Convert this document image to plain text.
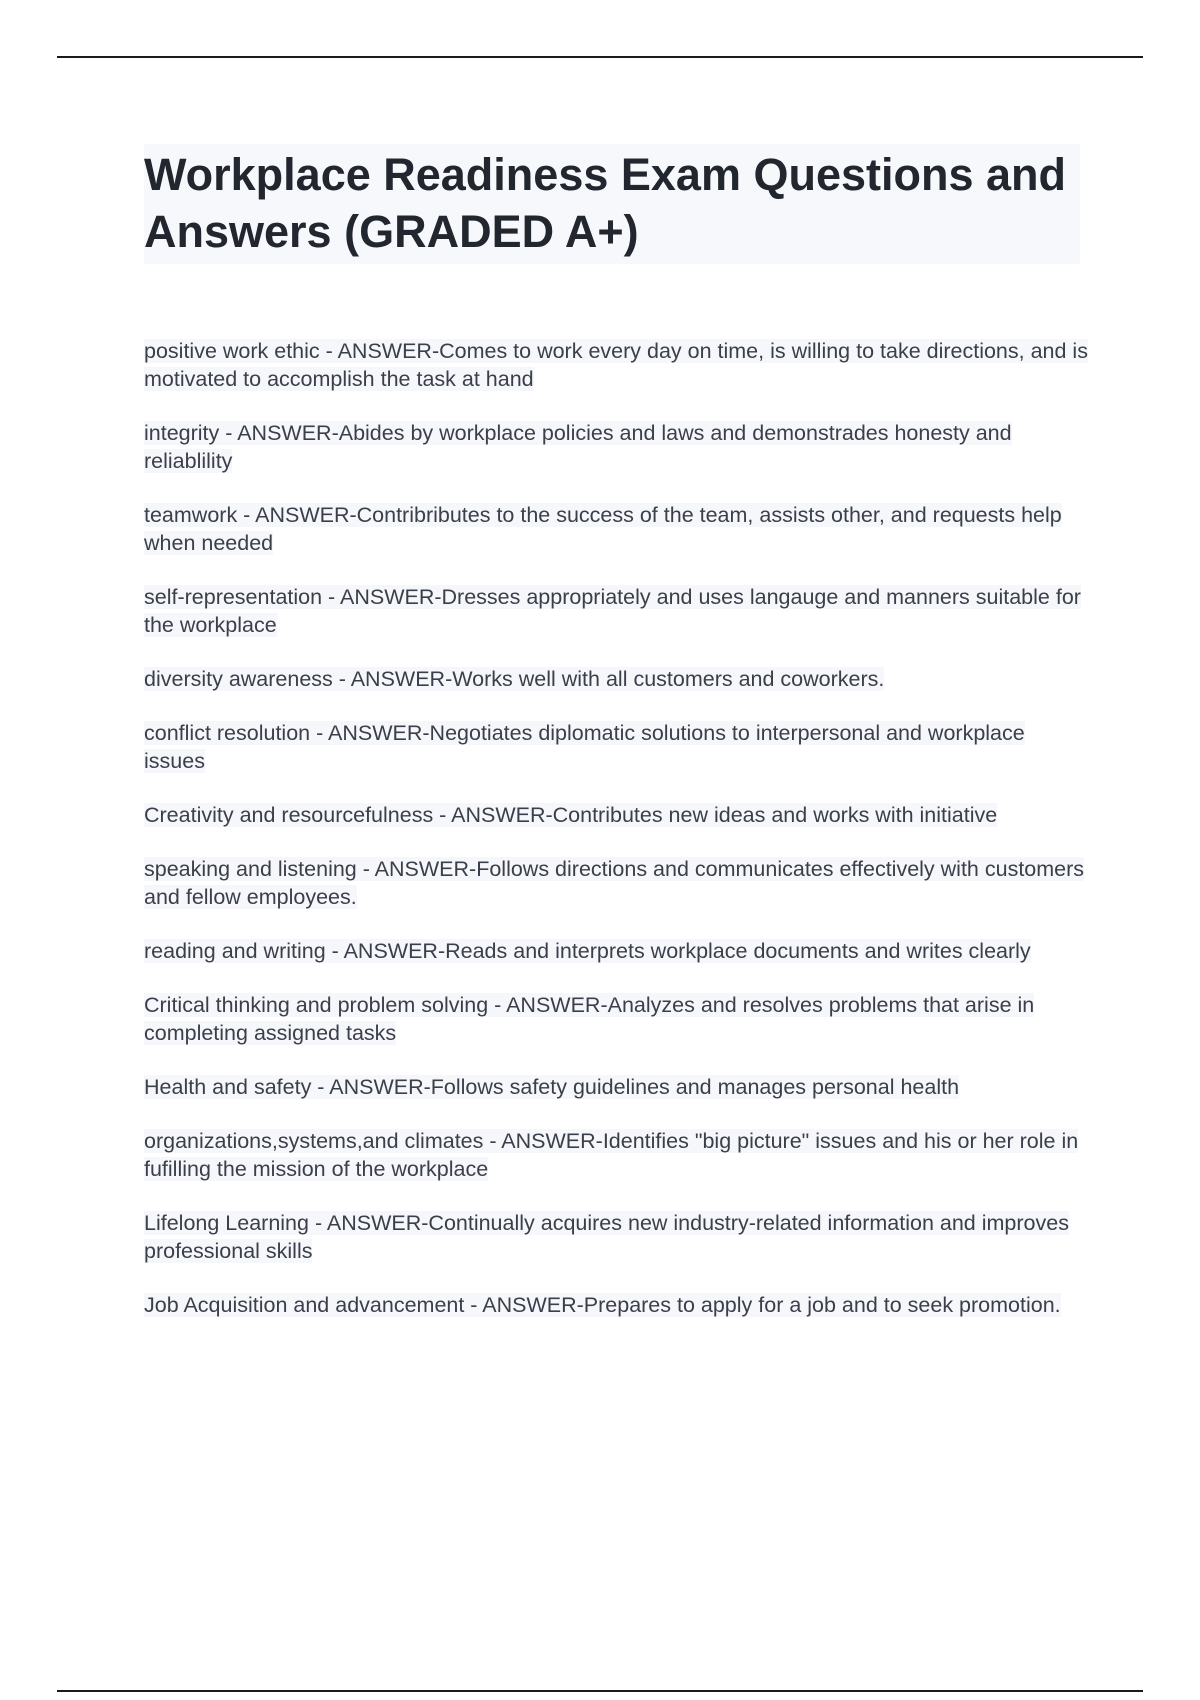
Workplace Readiness Exam Questions and Answers (GRADED A+)

positive work ethic - ANSWER-Comes to work every day on time, is willing to take directions, and is motivated to accomplish the task at hand

integrity - ANSWER-Abides by workplace policies and laws and demonstrades honesty and reliablility

teamwork - ANSWER-Contribributes to the success of the team, assists other, and requests help when needed

self-representation - ANSWER-Dresses appropriately and uses langauge and manners suitable for the workplace

diversity awareness - ANSWER-Works well with all customers and coworkers.

conflict resolution - ANSWER-Negotiates diplomatic solutions to interpersonal and workplace issues

Creativity and resourcefulness - ANSWER-Contributes new ideas and works with initiative

speaking and listening - ANSWER-Follows directions and communicates effectively with customers and fellow employees.

reading and writing - ANSWER-Reads and interprets workplace documents and writes clearly

Critical thinking and problem solving - ANSWER-Analyzes and resolves problems that arise in completing assigned tasks

Health and safety - ANSWER-Follows safety guidelines and manages personal health

organizations,systems,and climates - ANSWER-Identifies "big picture" issues and his or her role in fufilling the mission of the workplace

Lifelong Learning - ANSWER-Continually acquires new industry-related information and improves professional skills

Job Acquisition and advancement - ANSWER-Prepares to apply for a job and to seek promotion.
